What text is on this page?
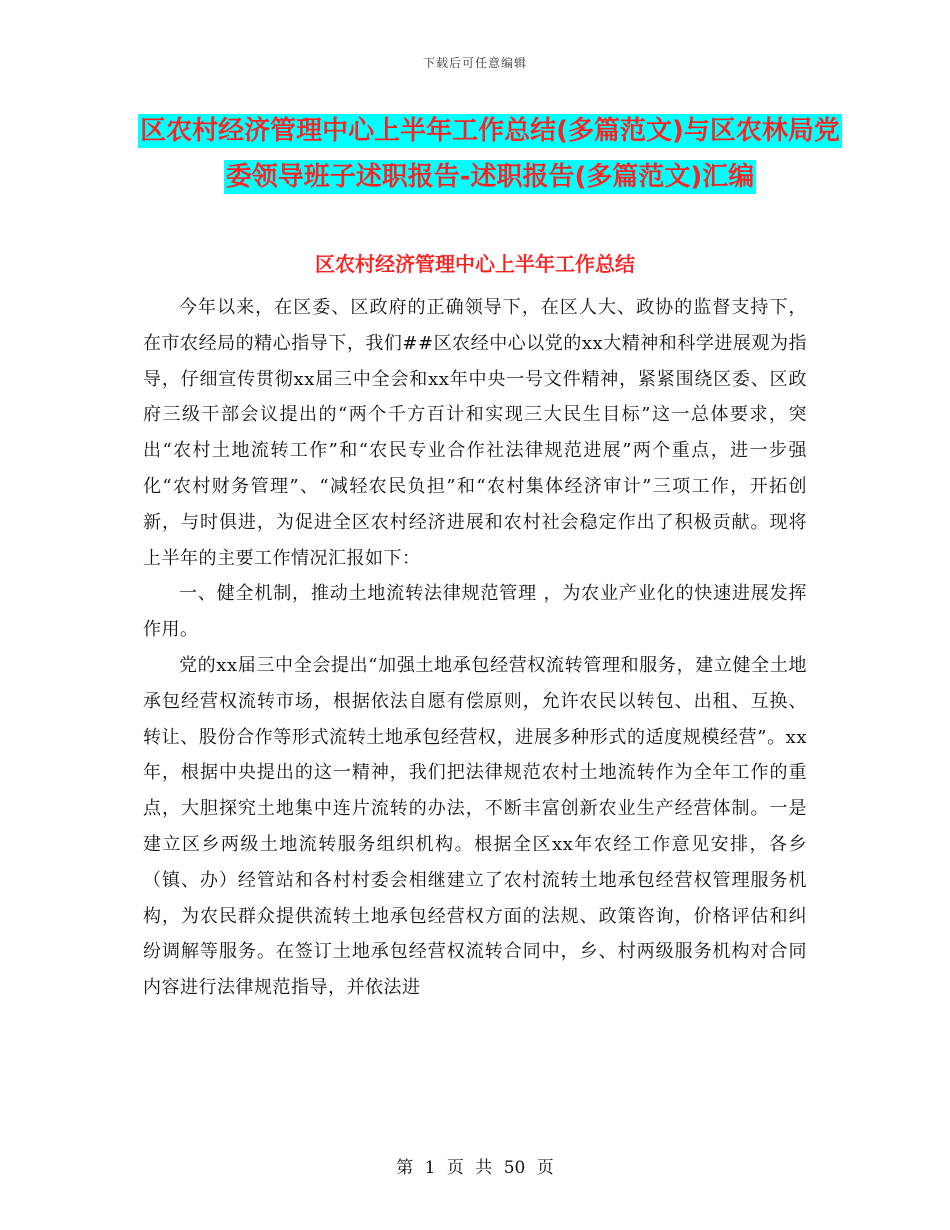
下载后可任意编辑
区农村经济管理中心上半年工作总结(多篇范文)与区农林局党委领导班子述职报告-述职报告(多篇范文)汇编
区农村经济管理中心上半年工作总结

今年以来，在区委、区政府的正确领导下，在区人大、政协的监督支持下，在市农经局的精心指导下，我们##区农经中心以党的xx大精神和科学进展观为指导，仔细宣传贯彻xx届三中全会和xx年中央一号文件精神，紧紧围绕区委、区政府三级干部会议提出的“两个千方百计和实现三大民生目标”这一总体要求，突出“农村土地流转工作”和“农民专业合作社法律规范进展”两个重点，进一步强化“农村财务管理”、“减轻农民负担”和“农村集体经济审计”三项工作，开拓创新，与时俱进，为促进全区农村经济进展和农村社会稳定作出了积极贡献。现将上半年的主要工作情况汇报如下：

一、健全机制，推动土地流转法律规范管理 ，为农业产业化的快速进展发挥作用。

党的xx届三中全会提出“加强土地承包经营权流转管理和服务，建立健全土地承包经营权流转市场，根据依法自愿有偿原则，允许农民以转包、出租、互换、转让、股份合作等形式流转土地承包经营权，进展多种形式的适度规模经营”。xx年，根据中央提出的这一精神，我们把法律规范农村土地流转作为全年工作的重点，大胆探究土地集中连片流转的办法，不断丰富创新农业生产经营体制。一是建立区乡两级土地流转服务组织机构。根据全区xx年农经工作意见安排，各乡（镇、办）经管站和各村村委会相继建立了农村流转土地承包经营权管理服务机构，为农民群众提供流转土地承包经营权方面的法规、政策咨询，价格评估和纠纷调解等服务。在签订土地承包经营权流转合同中，乡、村两级服务机构对合同内容进行法律规范指导，并依法进

第 1 页 共 50 页
